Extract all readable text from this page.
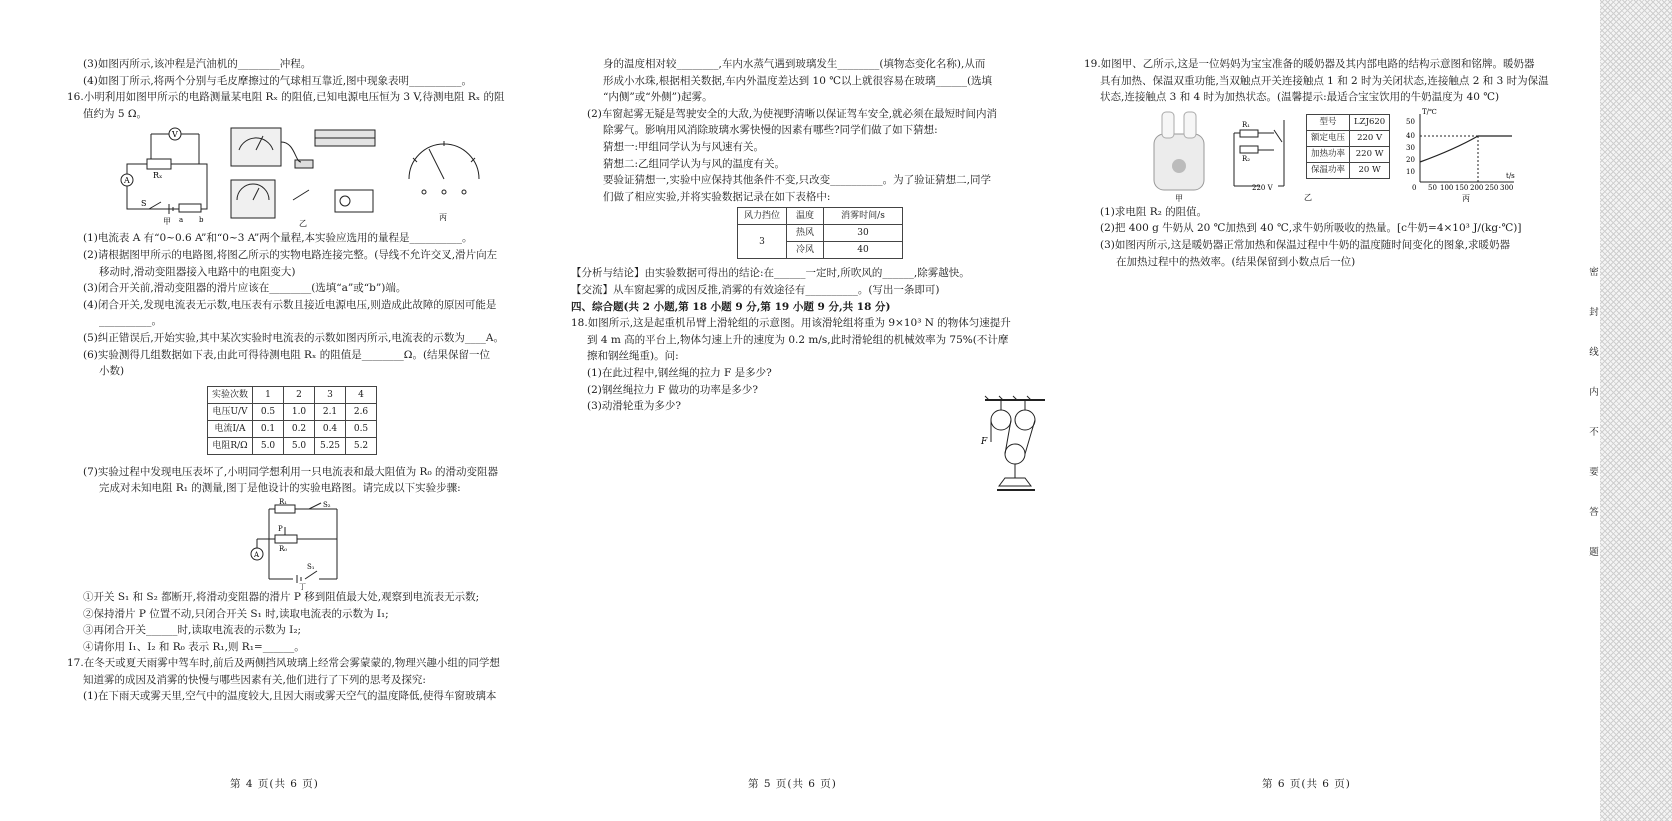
(3)如图丙所示,该冲程是汽油机的________冲程。
(4)如图丁所示,将两个分别与毛皮摩擦过的气球相互靠近,图中现象表明__________。
16.小明利用如图甲所示的电路测量某电阻 Rₓ 的阻值,已知电源电压恒为 3 V,待测电阻 Rₓ 的阻
值约为 5 Ω。
V
A
Rₓ
S
a b
甲	乙
丙
(1)电流表 A 有“0~0.6 A”和“0~3 A”两个量程,本实验应选用的量程是__________。
(2)请根据图甲所示的电路图,将图乙所示的实物电路连接完整。(导线不允许交叉,滑片向左
移动时,滑动变阻器接入电路中的电阻变大)
(3)闭合开关前,滑动变阻器的滑片应该在________(选填“a”或“b”)端。
(4)闭合开关,发现电流表无示数,电压表有示数且接近电源电压,则造成此故障的原因可能是
__________。
(5)纠正错误后,开始实验,其中某次实验时电流表的示数如图丙所示,电流表的示数为____A。
(6)实验测得几组数据如下表,由此可得待测电阻 Rₓ 的阻值是________Ω。(结果保留一位
小数)
实验次数	1	2	3	4
电压U/V	0.5	1.0	2.1	2.6
电流I/A	0.1	0.2	0.4	0.5
电阻R/Ω	5.0	5.0	5.25	5.2
(7)实验过程中发现电压表坏了,小明同学想利用一只电流表和最大阻值为 R₀ 的滑动变阻器
完成对未知电阻 R₁ 的测量,图丁是他设计的实验电路图。请完成以下实验步骤:
R₁	S₂
P
R₀
A
S₁
丁
①开关 S₁ 和 S₂ 都断开,将滑动变阻器的滑片 P 移到阻值最大处,观察到电流表无示数;
②保持滑片 P 位置不动,只闭合开关 S₁ 时,读取电流表的示数为 I₁;
③再闭合开关______时,读取电流表的示数为 I₂;
④请你用 I₁、I₂ 和 R₀ 表示 R₁,则 R₁=______。
17.在冬天或夏天雨雾中驾车时,前后及两侧挡风玻璃上经常会雾蒙蒙的,物理兴趣小组的同学想
知道雾的成因及消雾的快慢与哪些因素有关,他们进行了下列的思考及探究:
(1)在下雨天或雾天里,空气中的温度较大,且因大雨或雾天空气的温度降低,使得车窗玻璃本
身的温度相对较________,车内水蒸气遇到玻璃发生________(填物态变化名称),从而
形成小水珠,根据相关数据,车内外温度差达到 10 ℃以上就很容易在玻璃______(选填
“内侧”或“外侧”)起雾。
(2)车窗起雾无疑是驾驶安全的大敌,为使视野清晰以保证驾车安全,就必须在最短时间内消
除雾气。影响用风消除玻璃水雾快慢的因素有哪些?同学们做了如下猜想:
猜想一:甲组同学认为与风速有关。
猜想二:乙组同学认为与风的温度有关。
要验证猜想一,实验中应保持其他条件不变,只改变__________。为了验证猜想二,同学
们做了相应实验,并将实验数据记录在如下表格中:
风力挡位	温度	消雾时间/s
3	热风	30
	冷风	40
【分析与结论】由实验数据可得出的结论:在______一定时,所吹风的______,除雾越快。
【交流】从车窗起雾的成因反推,消雾的有效途径有__________。(写出一条即可)
四、综合题(共 2 小题,第 18 小题 9 分,第 19 小题 9 分,共 18 分)
18.如图所示,这是起重机吊臂上滑轮组的示意图。用该滑轮组将重为 9×10³ N 的物体匀速提升
到 4 m 高的平台上,物体匀速上升的速度为 0.2 m/s,此时滑轮组的机械效率为 75%(不计摩
擦和钢丝绳重)。问:
(1)在此过程中,钢丝绳的拉力 F 是多少?
(2)钢丝绳拉力 F 做功的功率是多少?
(3)动滑轮重为多少?
F
19.如图甲、乙所示,这是一位妈妈为宝宝准备的暖奶器及其内部电路的结构示意图和铭牌。暖奶器
具有加热、保温双重功能,当双触点开关连接触点 1 和 2 时为关闭状态,连接触点 2 和 3 时为保温
状态,连接触点 3 和 4 时为加热状态。(温馨提示:最适合宝宝饮用的牛奶温度为 40 ℃)
甲
R₁
R₂
220 V
乙
型号	LZJ620
额定电压	220 V
加热功率	220 W
保温功率	20 W
T/℃
t/s
50
40
30
20
10
0 50 100 150 200 250 300
丙
(1)求电阻 R₂ 的阻值。
(2)把 400 g 牛奶从 20 ℃加热到 40 ℃,求牛奶所吸收的热量。[c牛奶=4×10³ J/(kg·℃)]
(3)如图丙所示,这是暖奶器正常加热和保温过程中牛奶的温度随时间变化的图象,求暖奶器
在加热过程中的热效率。(结果保留到小数点后一位)
第 4 页(共 6 页)	第 5 页(共 6 页)	第 6 页(共 6 页)
密
封
线
内
不
要
答
题
